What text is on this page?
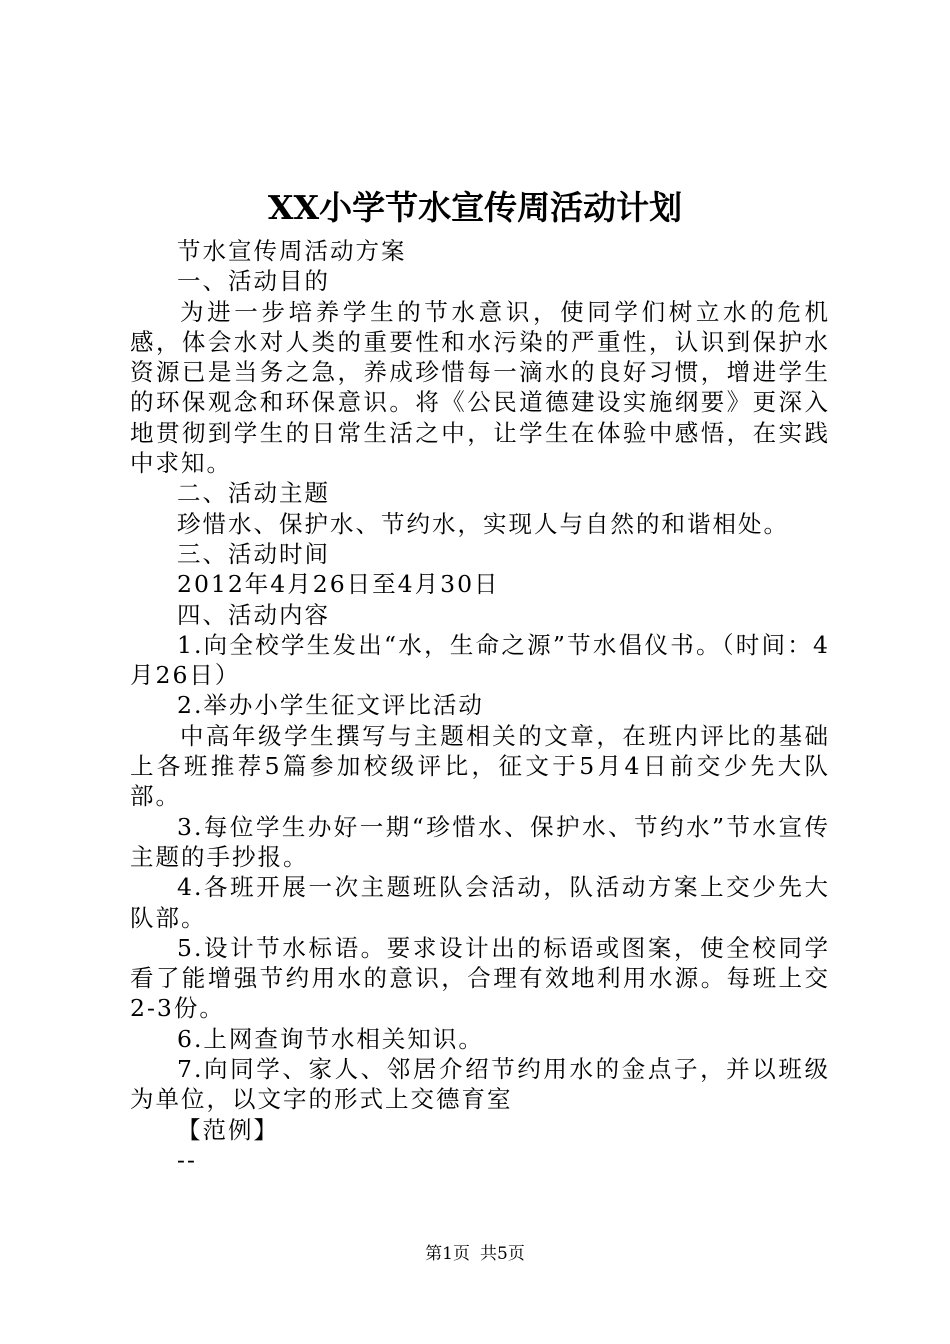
XX小学节水宣传周活动计划

节水宣传周活动方案

一、活动目的

为进一步培养学生的节水意识，使同学们树立水的危机感，体会水对人类的重要性和水污染的严重性，认识到保护水资源已是当务之急，养成珍惜每一滴水的良好习惯，增进学生的环保观念和环保意识。将《公民道德建设实施纲要》更深入地贯彻到学生的日常生活之中，让学生在体验中感悟，在实践中求知。

二、活动主题

珍惜水、保护水、节约水，实现人与自然的和谐相处。

三、活动时间

2012年4月26日至4月30日

四、活动内容

1.向全校学生发出“水，生命之源”节水倡仪书。（时间：4月26日）

2.举办小学生征文评比活动

中高年级学生撰写与主题相关的文章，在班内评比的基础上各班推荐5篇参加校级评比，征文于5月4日前交少先大队部。

3.每位学生办好一期“珍惜水、保护水、节约水”节水宣传主题的手抄报。

4.各班开展一次主题班队会活动，队活动方案上交少先大队部。

5.设计节水标语。要求设计出的标语或图案，使全校同学看了能增强节约用水的意识，合理有效地利用水源。每班上交2-3份。

6.上网查询节水相关知识。

7.向同学、家人、邻居介绍节约用水的金点子，并以班级为单位，以文字的形式上交德育室

【范例】

--

第1页 共5页
